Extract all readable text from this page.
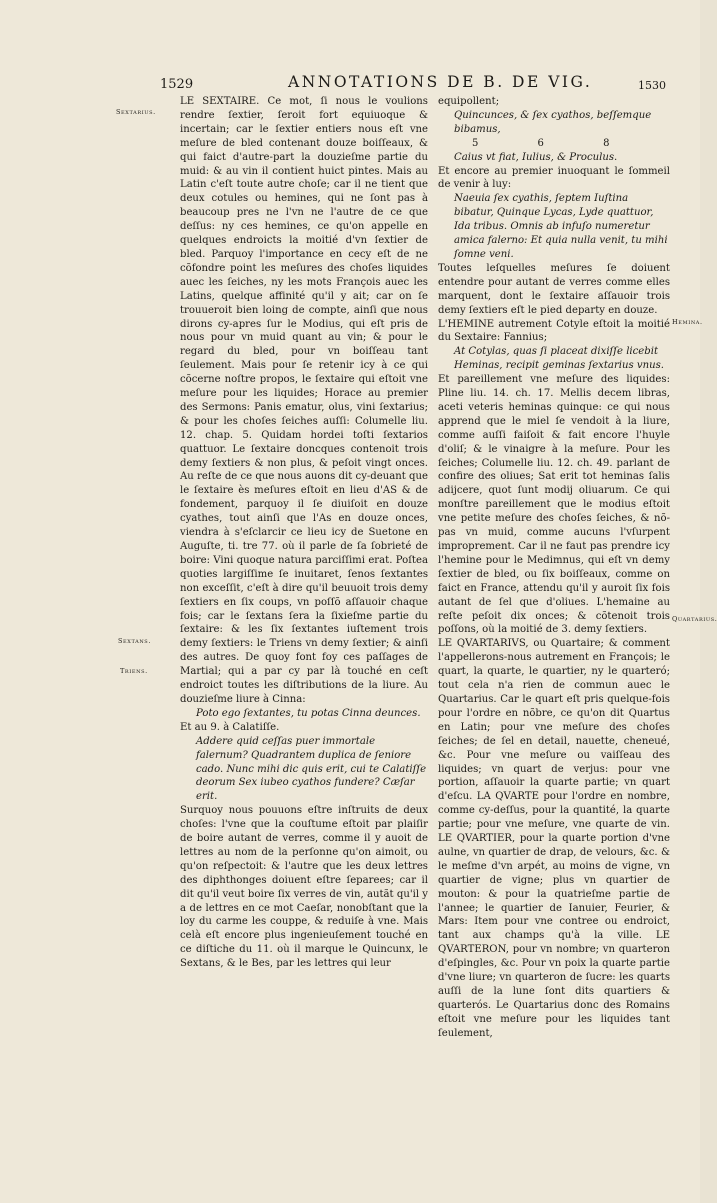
1529	ANNOTATIONS DE B. DE VIG.	1530
Sextarius.
Sextans.
Triens.
Hemina.
Quartarius.

LE SEXTAIRE. Ce mot, ſi nous le voulions rendre ſextier, ſeroit fort equiuoque & incertain; car le ſextier entiers nous eſt vne meſure de bled contenant douze boiſſeaux, & qui faict d'autre-part la douzieſme partie du muid: & au vin il contient huict pintes. Mais au Latin c'eſt toute autre choſe; car il ne tient que deux cotules ou hemines, qui ne ſont pas à beaucoup pres ne l'vn ne l'autre de ce que deſſus: ny ces hemines, ce qu'on appelle en quelques endroicts la moitié d'vn ſextier de bled. Parquoy l'importance en cecy eſt de ne cõfondre point les meſures des choſes liquides auec les ſeiches, ny les mots François auec les Latins, quelque affinité qu'il y ait; car on ſe trouueroit bien loing de compte, ainſi que nous dirons cy-apres ſur le Modius, qui eſt pris de nous pour vn muid quant au vin; & pour le regard du bled, pour vn boiſſeau tant ſeulement. Mais pour ſe retenir icy à ce qui cõcerne noſtre propos, le ſextaire qui eſtoit vne meſure pour les liquides; Horace au premier des Sermons: Panis ematur, olus, vini ſextarius; & pour les choſes ſeiches auſſi: Columelle liu. 12. chap. 5. Quidam hordei toſti ſextarios quattuor. Le ſextaire doncques contenoit trois demy ſextiers & non plus, & peſoit vingt onces. Au reſte de ce que nous auons dit cy-deuant que le ſextaire ès meſures eſtoit en lieu d'AS & de fondement, parquoy il ſe diuiſoit en douze cyathes, tout ainſi que l'As en douze onces, viendra à s'eſclarcir ce lieu icy de Suetone en Auguſte, ti. tre 77. où il parle de ſa ſobrieté de boire: Vini quoque natura parciſſimi erat. Poſtea quoties largiſſime ſe inuitaret, ſenos ſextantes non exceſſit, c'eſt à dire qu'il beuuoit trois demy ſextiers en ſix coups, vn poſſõ aſſauoir chaque fois; car le ſextans ſera la ſixieſme partie du ſextaire: & les ſix ſextantes iuſtement trois demy ſextiers: le Triens vn demy ſextier; & ainſi des autres. De quoy font foy ces paſſages de Martial; qui a par cy par là touché en ceſt endroict toutes les diſtributions de la liure. Au douzieſme liure à Cinna:

Poto ego ſextantes, tu potas Cinna deunces.

Et au 9. à Calatiſſe.

Addere quid ceſſas puer immortale falernum? Quadrantem duplica de ſeniore cado. Nunc mihi dic quis erit, cui te Calatiſſe deorum Sex iubeo cyathos fundere? Cæſar erit.

Surquoy nous pouuons eſtre inſtruits de deux choſes: l'vne que la couſtume eſtoit par plaiſir de boire autant de verres, comme il y auoit de lettres au nom de la perſonne qu'on aimoit, ou qu'on reſpectoit: & l'autre que les deux lettres des diphthonges doiuent eſtre ſeparees; car il dit qu'il veut boire ſix verres de vin, autãt qu'il y a de lettres en ce mot Caeſar, nonobſtant que la loy du carme les couppe, & reduiſe à vne. Mais celà eſt encore plus ingenieuſement touché en ce diſtiche du 11. où il marque le Quincunx, le Sextans, & le Bes, par les lettres qui leur

equipollent;

Quincunces, & ſex cyathos, beſſemque bibamus,

5 6 8

Caius vt fiat, Iulius, & Proculus.

Et encore au premier inuoquant le ſommeil de venir à luy:

Naeuia ſex cyathis, ſeptem Iuſtina bibatur, Quinque Lycas, Lyde quattuor, Ida tribus. Omnis ab infuſo numeretur amica falerno: Et quia nulla venit, tu mihi ſomne veni.

Toutes leſquelles meſures ſe doiuent entendre pour autant de verres comme elles marquent, dont le ſextaire aſſauoir trois demy ſextiers eſt le pied departy en douze.

L'HEMINE autrement Cotyle eſtoit la moitié du Sextaire: Fannius;

At Cotylas, quas ſi placeat dixiſſe licebit Heminas, recipit geminas ſextarius vnus.

Et pareillement vne meſure des liquides: Pline liu. 14. ch. 17. Mellis decem libras, aceti veteris heminas quinque: ce qui nous apprend que le miel ſe vendoit à la liure, comme auſſi faiſoit & fait encore l'huyle d'oliſ; & le vinaigre à la meſure. Pour les ſeiches; Columelle liu. 12. ch. 49. parlant de confire des oliues; Sat erit tot heminas ſalis adijcere, quot ſunt modij oliuarum. Ce qui monſtre pareillement que le modius eſtoit vne petite meſure des choſes ſeiches, & nõ-pas vn muid, comme aucuns l'vſurpent improprement. Car il ne faut pas prendre icy l'hemine pour le Medimnus, qui eſt vn demy ſextier de bled, ou ſix boiſſeaux, comme on faict en France, attendu qu'il y auroit ſix fois autant de ſel que d'oliues. L'hemaine au reſte peſoit dix onces; & cõtenoit trois poſſons, où la moitié de 3. demy ſextiers.

LE QVARTARIVS, ou Quartaire; & comment l'appellerons-nous autrement en François; le quart, la quarte, le quartier, ny le quarteró; tout cela n'a rien de commun auec le Quartarius. Car le quart eſt pris quelque-fois pour l'ordre en nõbre, ce qu'on dit Quartus en Latin; pour vne meſure des choſes ſeiches; de ſel en detail, nauette, cheneué, &c. Pour vne meſure ou vaiſſeau des liquides; vn quart de verjus: pour vne portion, aſſauoir la quarte partie; vn quart d'eſcu. LA QVARTE pour l'ordre en nombre, comme cy-deſſus, pour la quantité, la quarte partie; pour vne meſure, vne quarte de vin. LE QVARTIER, pour la quarte portion d'vne aulne, vn quartier de drap, de velours, &c. & le meſme d'vn arpét, au moins de vigne, vn quartier de vigne; plus vn quartier de mouton: & pour la quatrieſme partie de l'annee; le quartier de Ianuier, Feurier, & Mars: Item pour vne contree ou endroict, tant aux champs qu'à la ville. LE QVARTERON, pour vn nombre; vn quarteron d'eſpingles, &c. Pour vn poix la quarte partie d'vne liure; vn quarteron de ſucre: les quarts auſſi de la lune ſont dits quartiers & quarterós. Le Quartarius donc des Romains eſtoit vne meſure pour les liquides tant ſeulement,
